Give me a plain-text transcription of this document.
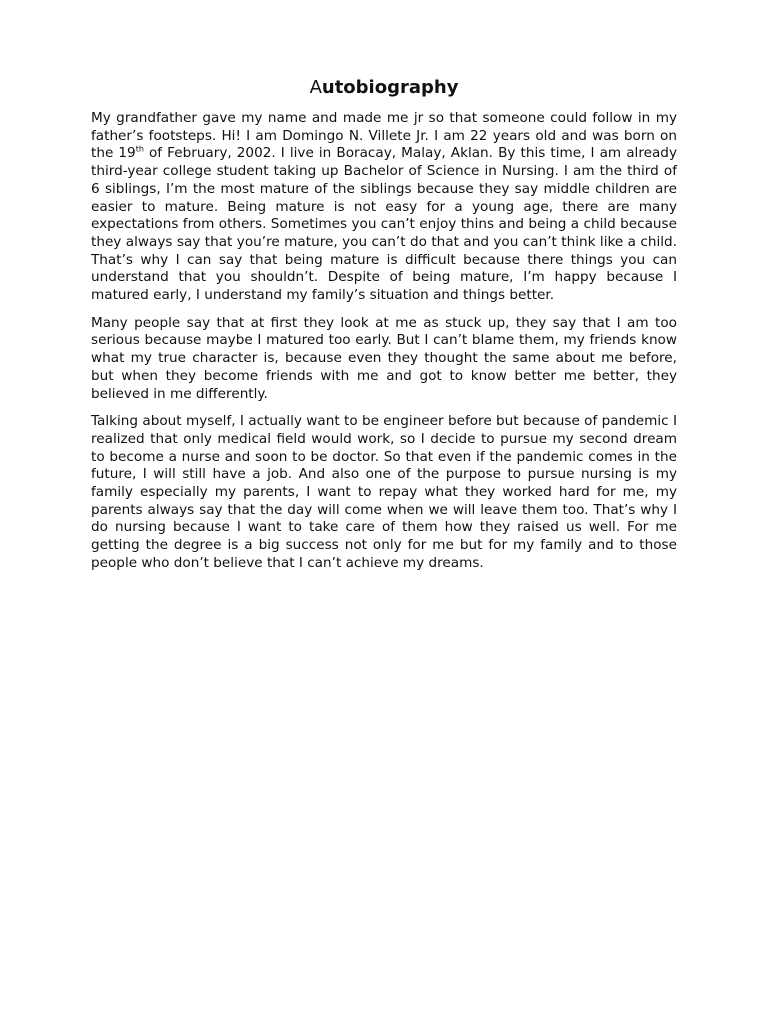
Autobiography

My grandfather gave my name and made me jr so that someone could follow in my father’s footsteps. Hi! I am Domingo N. Villete Jr. I am 22 years old and was born on the 19th of February, 2002. I live in Boracay, Malay, Aklan. By this time, I am already third-year college student taking up Bachelor of Science in Nursing. I am the third of 6 siblings, I’m the most mature of the siblings because they say middle children are easier to mature. Being mature is not easy for a young age, there are many expectations from others. Sometimes you can’t enjoy thins and being a child because they always say that you’re mature, you can’t do that and you can’t think like a child. That’s why I can say that being mature is difficult because there things you can understand that you shouldn’t. Despite of being mature, I’m happy because I matured early, I understand my family’s situation and things better.

Many people say that at first they look at me as stuck up, they say that I am too serious because maybe I matured too early. But I can’t blame them, my friends know what my true character is, because even they thought the same about me before, but when they become friends with me and got to know better me better, they believed in me differently.

Talking about myself, I actually want to be engineer before but because of pandemic I realized that only medical field would work, so I decide to pursue my second dream to become a nurse and soon to be doctor. So that even if the pandemic comes in the future, I will still have a job. And also one of the purpose to pursue nursing is my family especially my parents, I want to repay what they worked hard for me, my parents always say that the day will come when we will leave them too. That’s why I do nursing because I want to take care of them how they raised us well. For me getting the degree is a big success not only for me but for my family and to those people who don’t believe that I can’t achieve my dreams.
